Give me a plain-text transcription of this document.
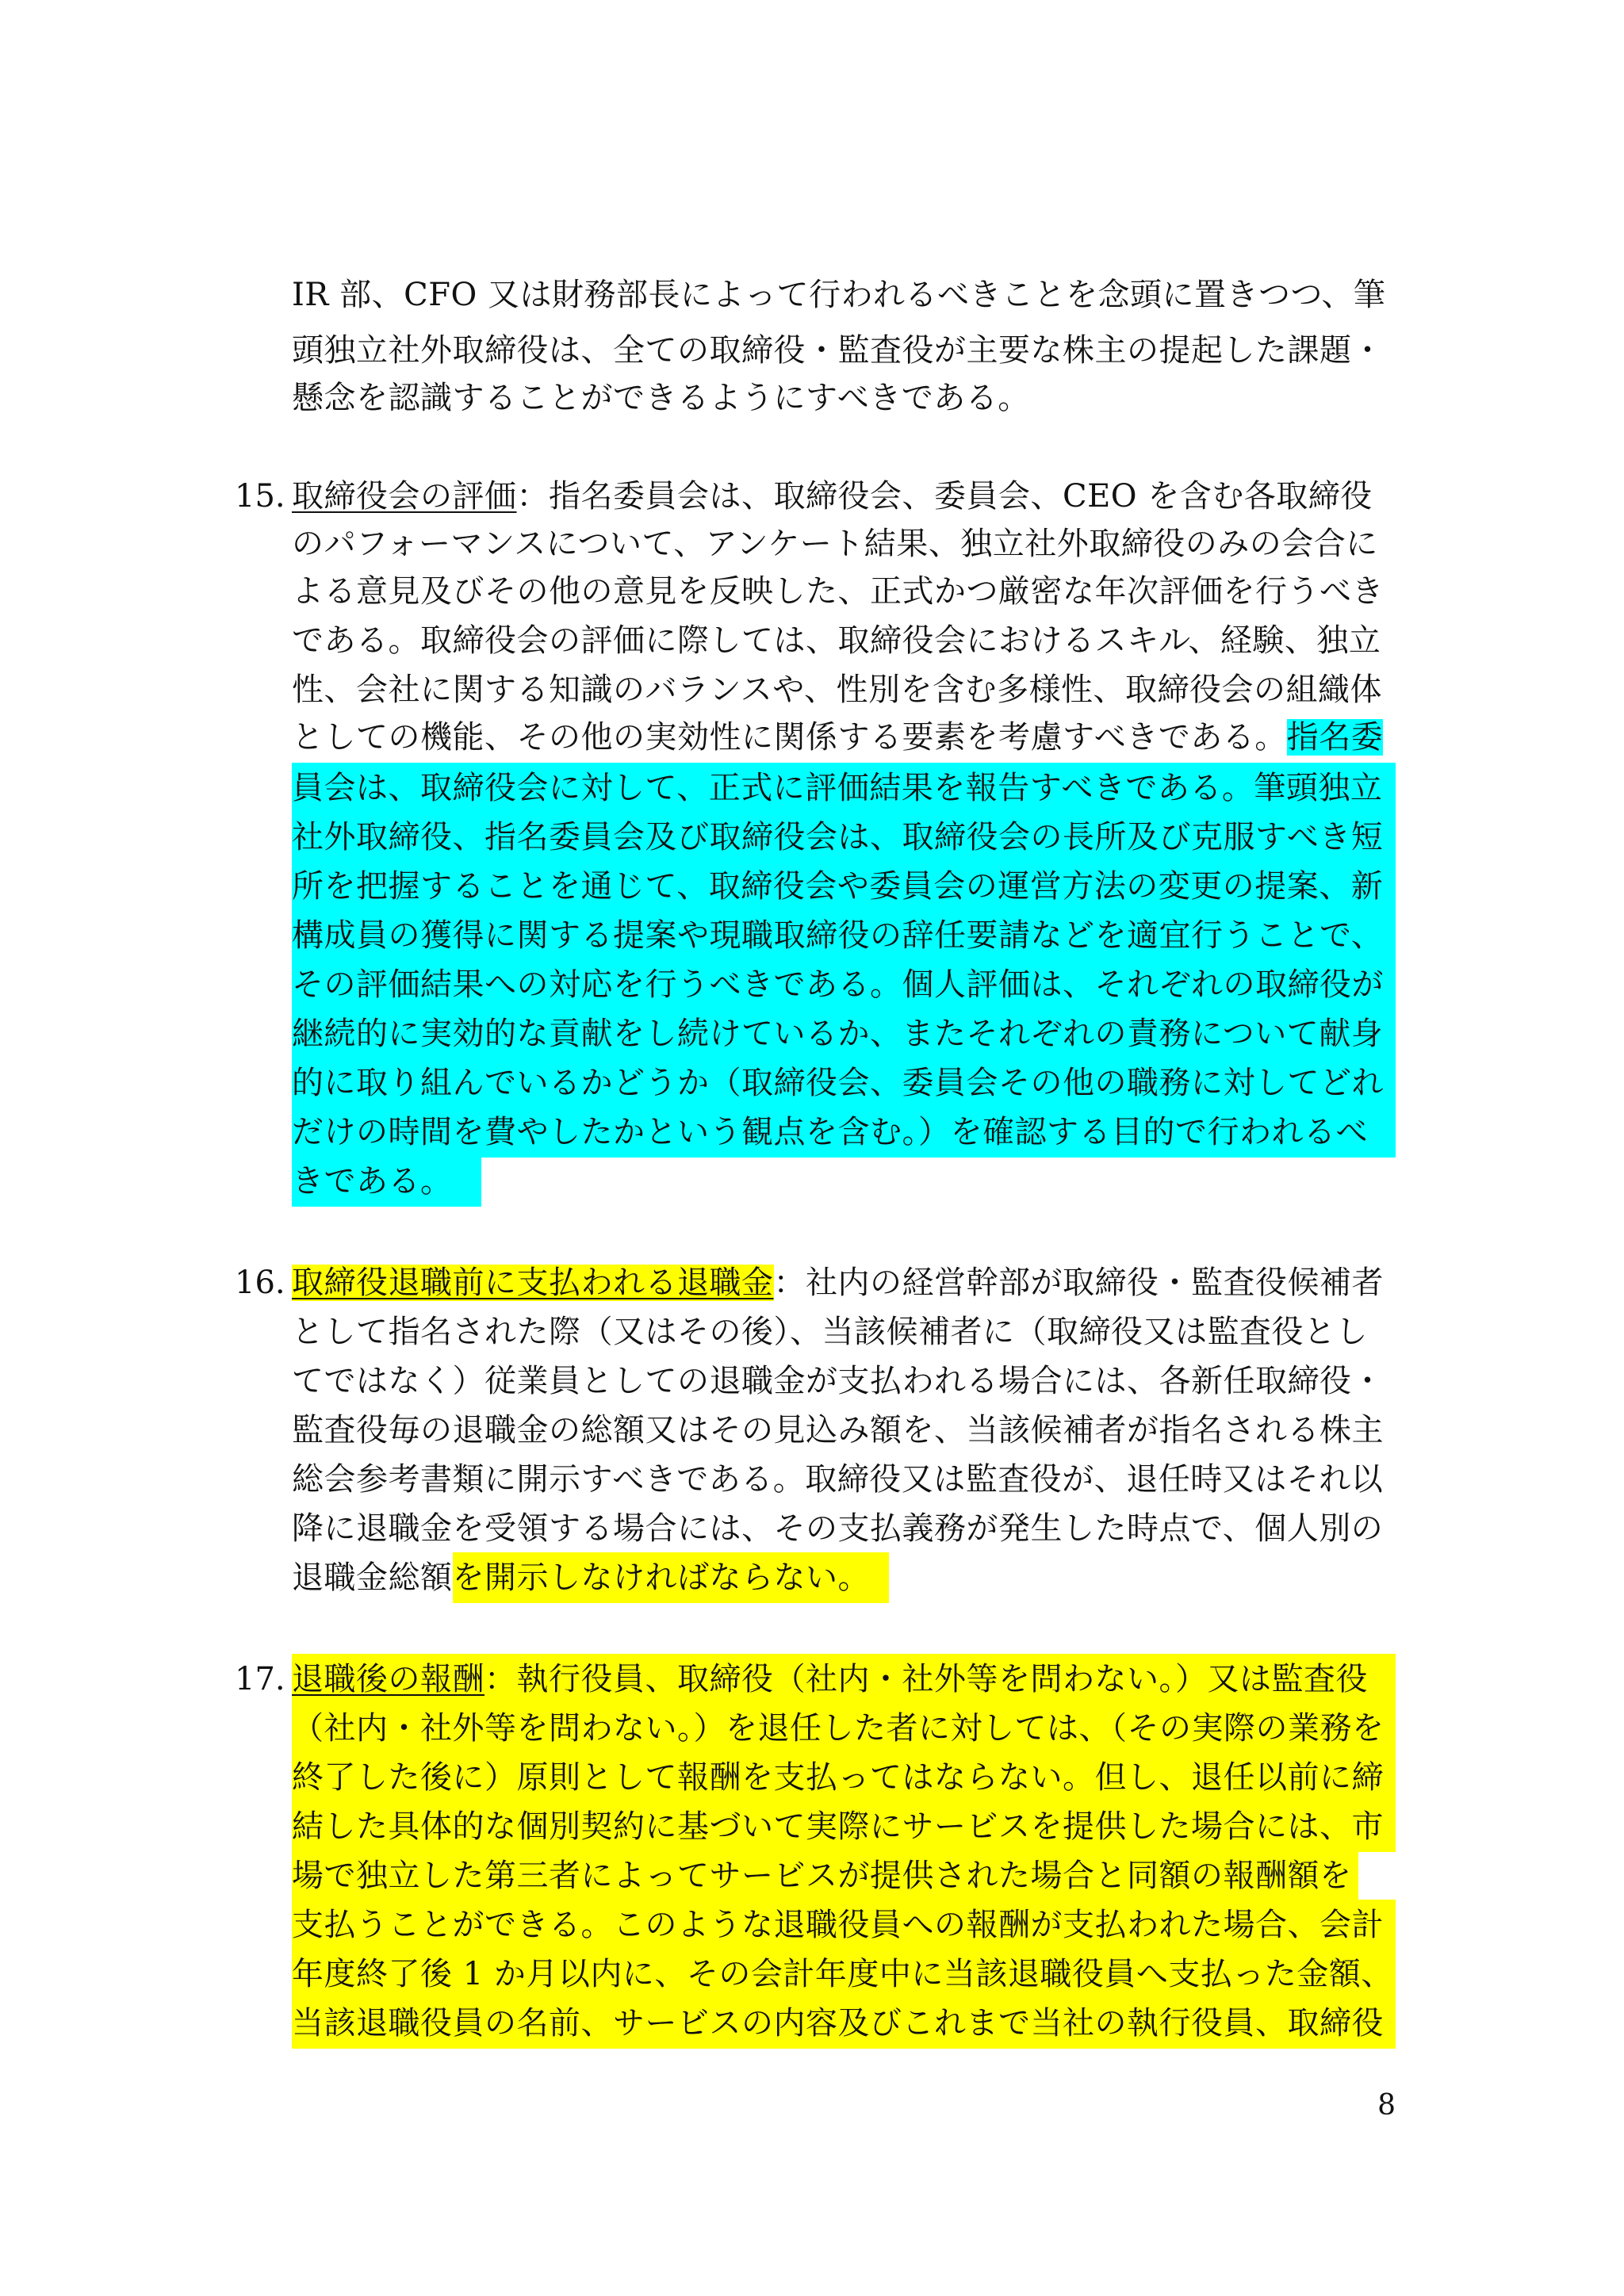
IR 部、CFO 又は財務部長によって行われるべきことを念頭に置きつつ、筆
頭独立社外取締役は、全ての取締役・監査役が主要な株主の提起した課題・
懸念を認識することができるようにすべきである。
15. 取締役会の評価：指名委員会は、取締役会、委員会、CEO を含む各取締役
のパフォーマンスについて、アンケート結果、独立社外取締役のみの会合に
よる意見及びその他の意見を反映した、正式かつ厳密な年次評価を行うべき
である。取締役会の評価に際しては、取締役会におけるスキル、経験、独立
性、会社に関する知識のバランスや、性別を含む多様性、取締役会の組織体
としての機能、その他の実効性に関係する要素を考慮すべきである。指名委
員会は、取締役会に対して、正式に評価結果を報告すべきである。筆頭独立
社外取締役、指名委員会及び取締役会は、取締役会の長所及び克服すべき短
所を把握することを通じて、取締役会や委員会の運営方法の変更の提案、新
構成員の獲得に関する提案や現職取締役の辞任要請などを適宜行うことで、
その評価結果への対応を行うべきである。個人評価は、それぞれの取締役が
継続的に実効的な貢献をし続けているか、またそれぞれの責務について献身
的に取り組んでいるかどうか（取締役会、委員会その他の職務に対してどれ
だけの時間を費やしたかという観点を含む。）を確認する目的で行われるべ
きである。
16. 取締役退職前に支払われる退職金：社内の経営幹部が取締役・監査役候補者
として指名された際（又はその後）、当該候補者に（取締役又は監査役とし
てではなく）従業員としての退職金が支払われる場合には、各新任取締役・
監査役毎の退職金の総額又はその見込み額を、当該候補者が指名される株主
総会参考書類に開示すべきである。取締役又は監査役が、退任時又はそれ以
降に退職金を受領する場合には、その支払義務が発生した時点で、個人別の
退職金総額を開示しなければならない。
17. 退職後の報酬：執行役員、取締役（社内・社外等を問わない。）又は監査役
（社内・社外等を問わない。）を退任した者に対しては、（その実際の業務を
終了した後に）原則として報酬を支払ってはならない。但し、退任以前に締
結した具体的な個別契約に基づいて実際にサービスを提供した場合には、市
場で独立した第三者によってサービスが提供された場合と同額の報酬額を
支払うことができる。このような退職役員への報酬が支払われた場合、会計
年度終了後 1 か月以内に、その会計年度中に当該退職役員へ支払った金額、
当該退職役員の名前、サービスの内容及びこれまで当社の執行役員、取締役
8
